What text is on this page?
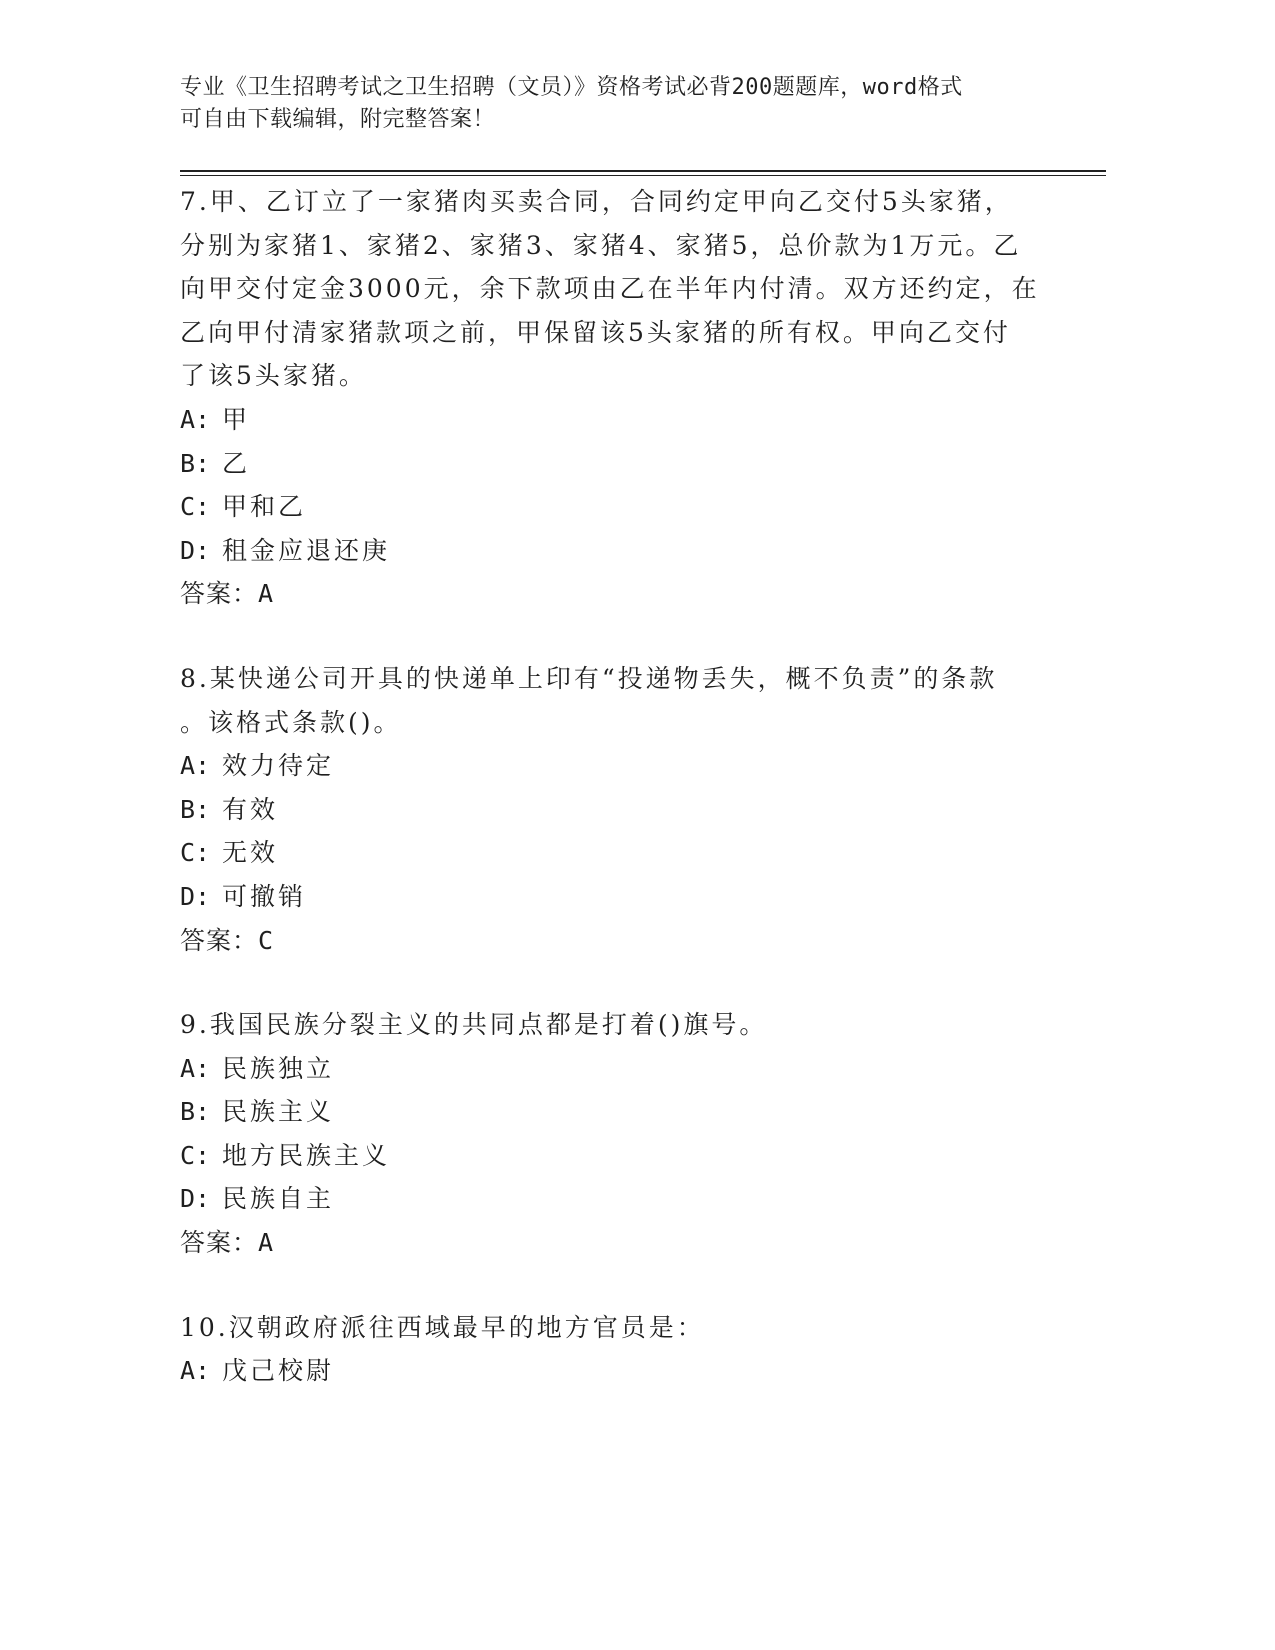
专业《卫生招聘考试之卫生招聘（文员）》资格考试必背200题题库，word格式
可自由下载编辑，附完整答案！
7.甲、乙订立了一家猪肉买卖合同，合同约定甲向乙交付5头家猪，
分别为家猪1、家猪2、家猪3、家猪4、家猪5，总价款为1万元。乙
向甲交付定金3000元，余下款项由乙在半年内付清。双方还约定，在
乙向甲付清家猪款项之前，甲保留该5头家猪的所有权。甲向乙交付
了该5头家猪。
A: 甲
B: 乙
C: 甲和乙
D: 租金应退还庚
答案：A
8.某快递公司开具的快递单上印有“投递物丢失，概不负责”的条款
。该格式条款()。
A: 效力待定
B: 有效
C: 无效
D: 可撤销
答案：C
9.我国民族分裂主义的共同点都是打着()旗号。
A: 民族独立
B: 民族主义
C: 地方民族主义
D: 民族自主
答案：A
10.汉朝政府派往西域最早的地方官员是：
A: 戊己校尉
